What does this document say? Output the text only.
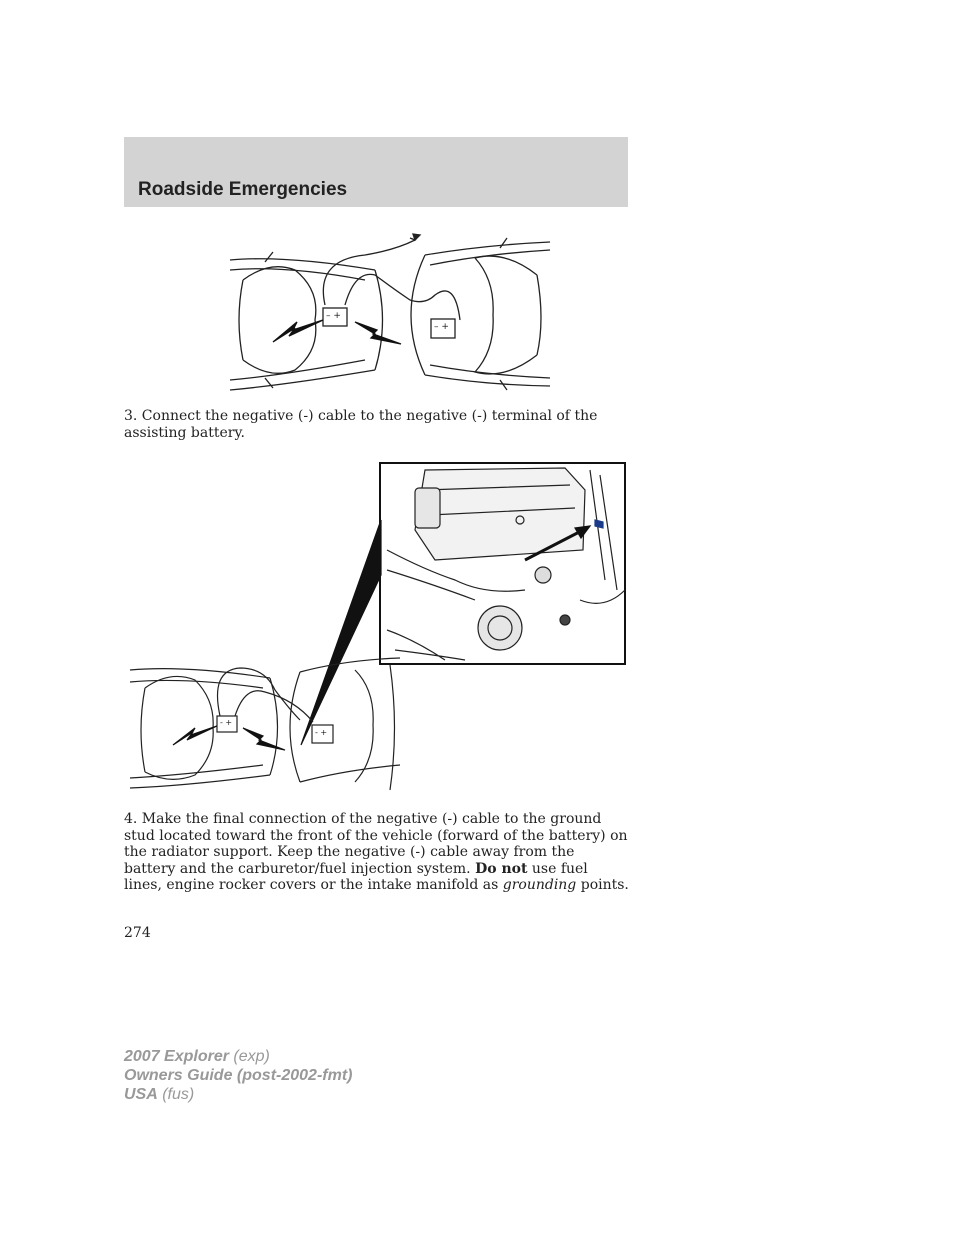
Roadside Emergencies
– +
– +

3. Connect the negative (-) cable to the negative (-) terminal of the assisting battery.

- +
- +

4. Make the final connection of the negative (-) cable to the ground stud located toward the front of the vehicle (forward of the battery) on the radiator support. Keep the negative (-) cable away from the battery and the carburetor/fuel injection system. Do not use fuel lines, engine rocker covers or the intake manifold as grounding points.

274

2007 Explorer (exp)
Owners Guide (post-2002-fmt)
USA (fus)
